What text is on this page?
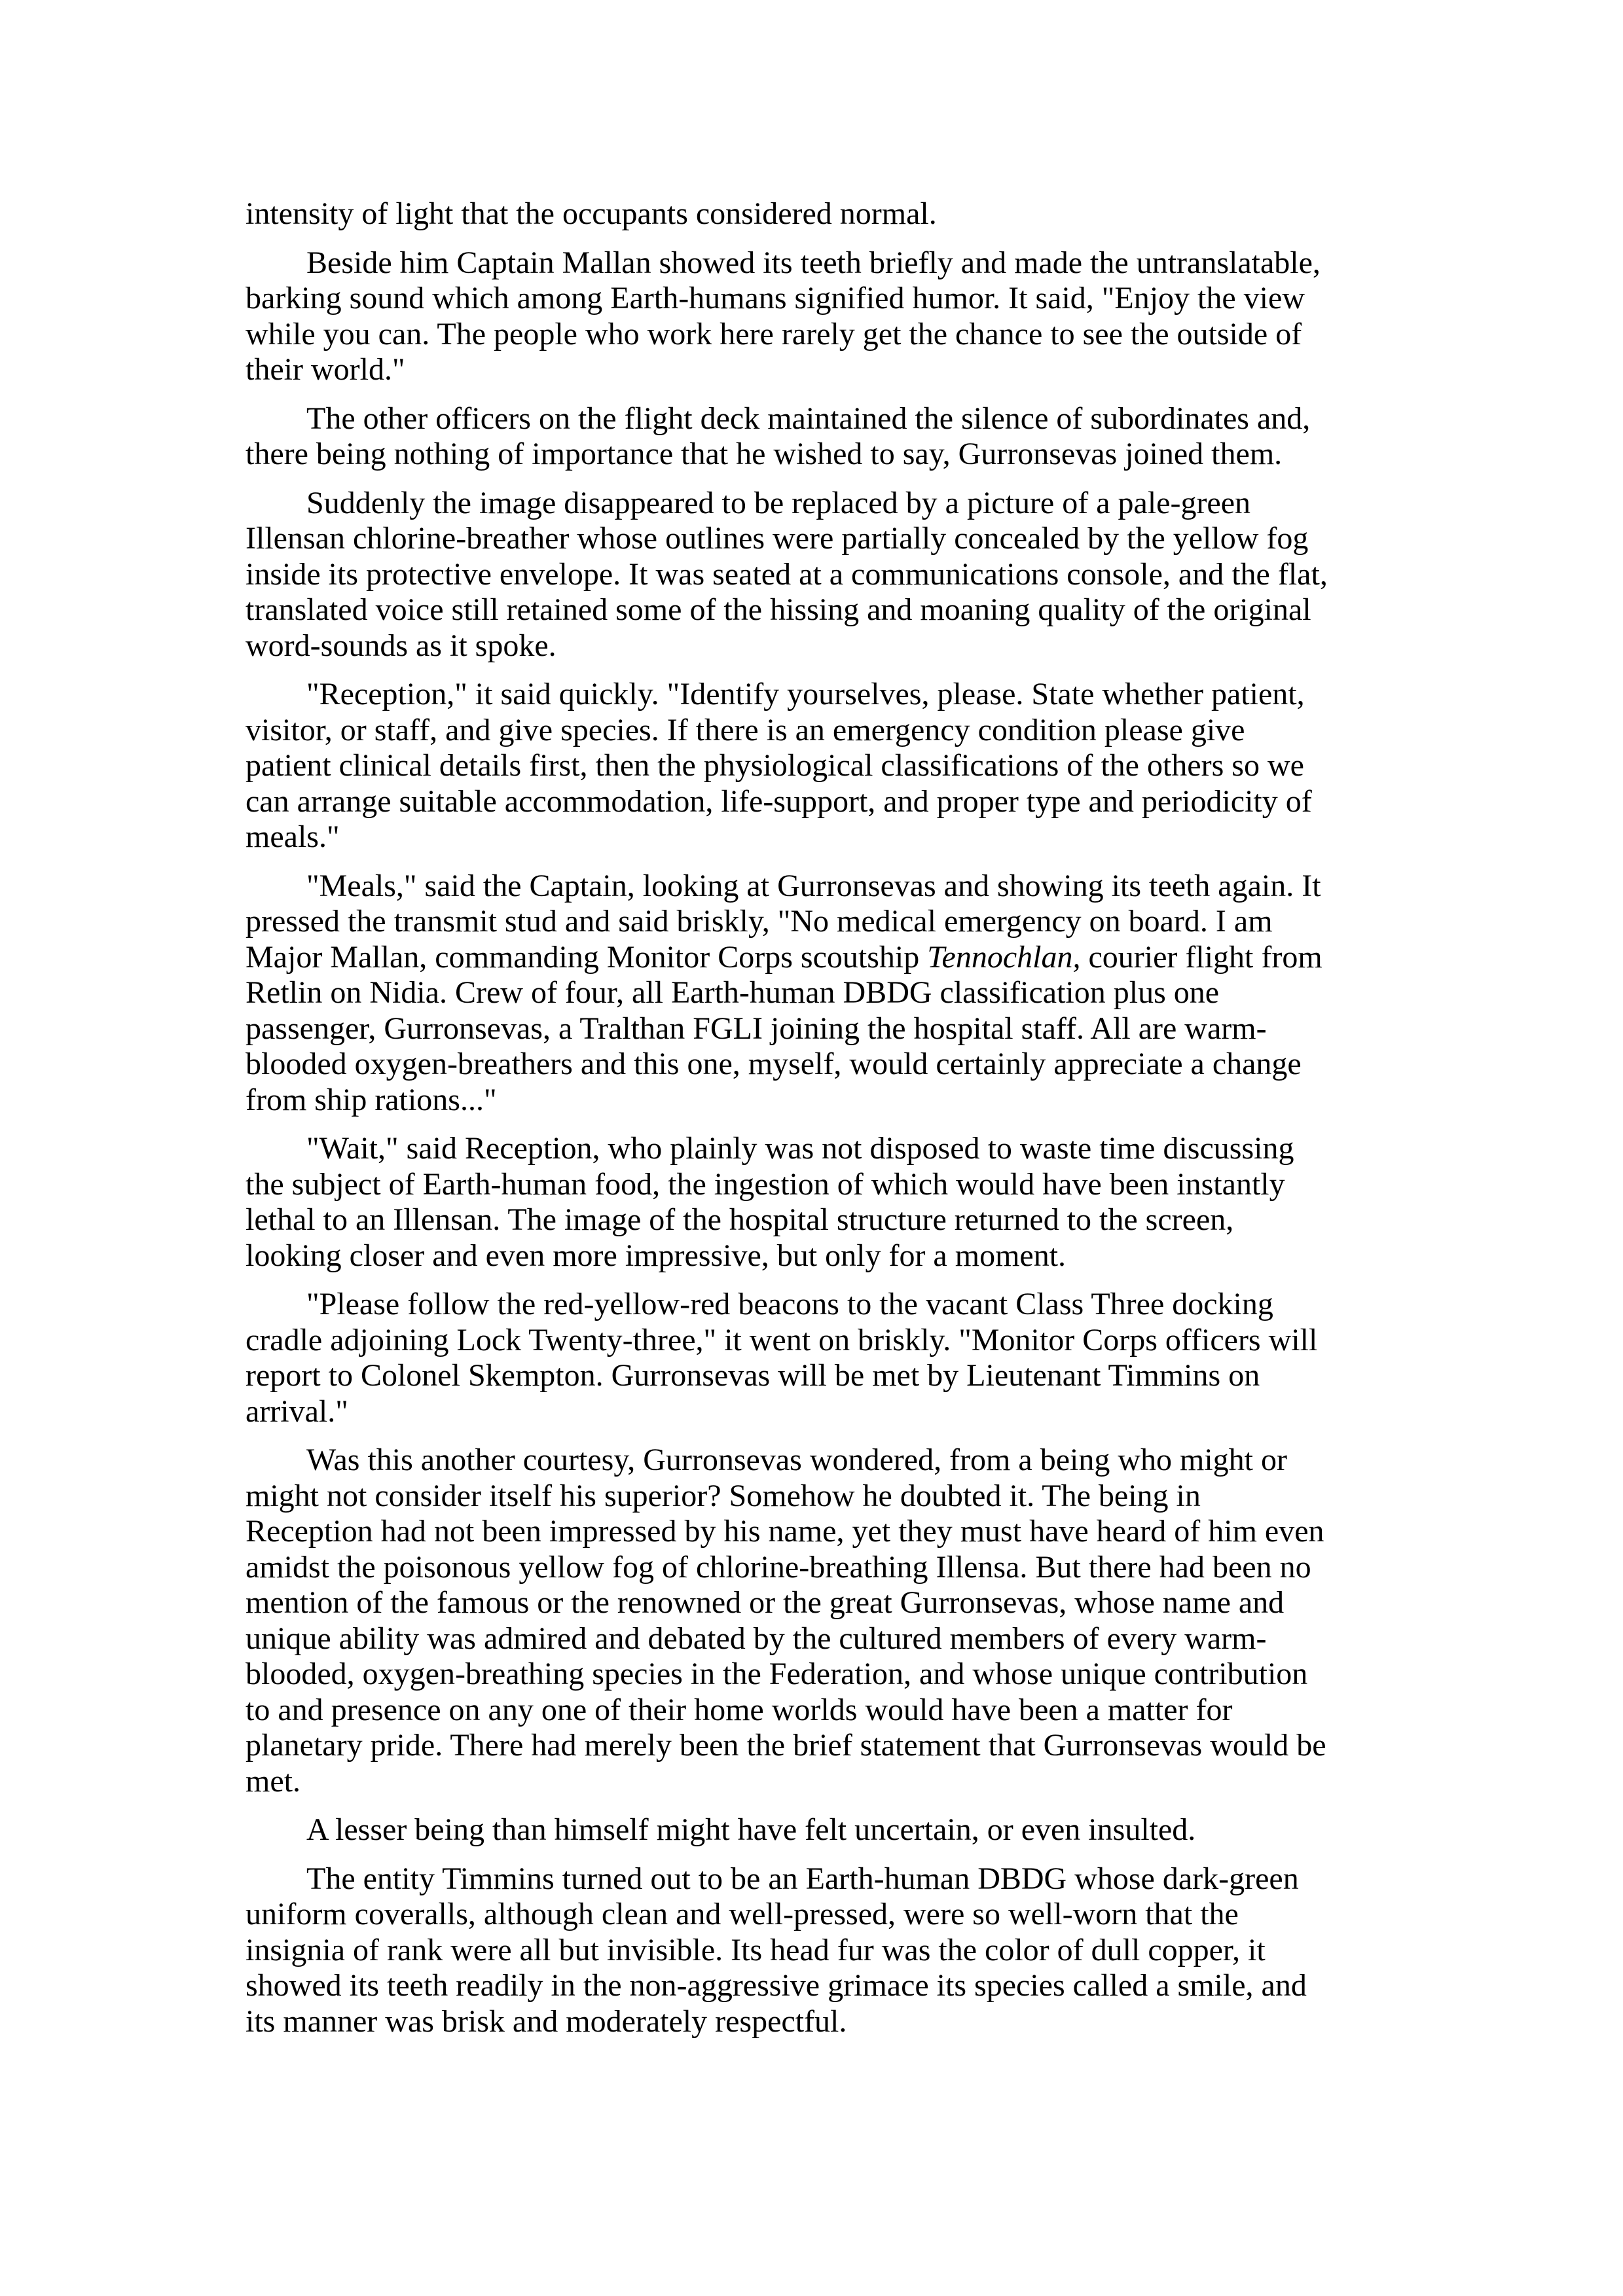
intensity of light that the occupants considered normal.

Beside him Captain Mallan showed its teeth briefly and made the untranslatable,
barking sound which among Earth-humans signified humor. It said, "Enjoy the view
while you can. The people who work here rarely get the chance to see the outside of
their world."

The other officers on the flight deck maintained the silence of subordinates and,
there being nothing of importance that he wished to say, Gurronsevas joined them.

Suddenly the image disappeared to be replaced by a picture of a pale-green
Illensan chlorine-breather whose outlines were partially concealed by the yellow fog
inside its protective envelope. It was seated at a communications console, and the flat,
translated voice still retained some of the hissing and moaning quality of the original
word-sounds as it spoke.

"Reception," it said quickly. "Identify yourselves, please. State whether patient,
visitor, or staff, and give species. If there is an emergency condition please give
patient clinical details first, then the physiological classifications of the others so we
can arrange suitable accommodation, life-support, and proper type and periodicity of
meals."

"Meals," said the Captain, looking at Gurronsevas and showing its teeth again. It
pressed the transmit stud and said briskly, "No medical emergency on board. I am
Major Mallan, commanding Monitor Corps scoutship Tennochlan, courier flight from
Retlin on Nidia. Crew of four, all Earth-human DBDG classification plus one
passenger, Gurronsevas, a Tralthan FGLI joining the hospital staff. All are warm-
blooded oxygen-breathers and this one, myself, would certainly appreciate a change
from ship rations..."

"Wait," said Reception, who plainly was not disposed to waste time discussing
the subject of Earth-human food, the ingestion of which would have been instantly
lethal to an Illensan. The image of the hospital structure returned to the screen,
looking closer and even more impressive, but only for a moment.

"Please follow the red-yellow-red beacons to the vacant Class Three docking
cradle adjoining Lock Twenty-three," it went on briskly. "Monitor Corps officers will
report to Colonel Skempton. Gurronsevas will be met by Lieutenant Timmins on
arrival."

Was this another courtesy, Gurronsevas wondered, from a being who might or
might not consider itself his superior? Somehow he doubted it. The being in
Reception had not been impressed by his name, yet they must have heard of him even
amidst the poisonous yellow fog of chlorine-breathing Illensa. But there had been no
mention of the famous or the renowned or the great Gurronsevas, whose name and
unique ability was admired and debated by the cultured members of every warm-
blooded, oxygen-breathing species in the Federation, and whose unique contribution
to and presence on any one of their home worlds would have been a matter for
planetary pride. There had merely been the brief statement that Gurronsevas would be
met.

A lesser being than himself might have felt uncertain, or even insulted.

The entity Timmins turned out to be an Earth-human DBDG whose dark-green
uniform coveralls, although clean and well-pressed, were so well-worn that the
insignia of rank were all but invisible. Its head fur was the color of dull copper, it
showed its teeth readily in the non-aggressive grimace its species called a smile, and
its manner was brisk and moderately respectful.
